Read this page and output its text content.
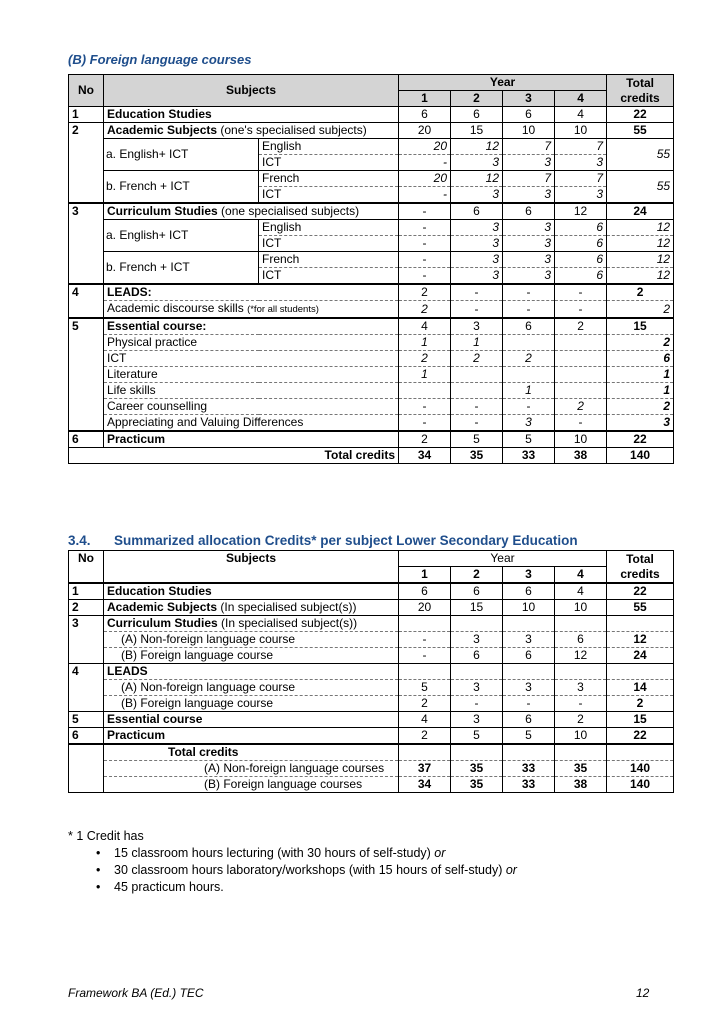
(B) Foreign language courses
No	Subjects		Year				Total credits
			1	2	3	4	
1	Education Studies		6	6	6	4	22
2	Academic Subjects (one's specialised subjects)		20	15	10	10	55
	a. English+ ICT	English	20	12	7	7	55
		ICT	-	3	3	3	
	b. French + ICT	French	20	12	7	7	55
		ICT	-	3	3	3	
3	Curriculum Studies (one specialised subjects)		-	6	6	12	24
	a. English+ ICT	English	-	3	3	6	12
		ICT	-	3	3	6	12
	b. French + ICT	French	-	3	3	6	12
		ICT	-	3	3	6	12
4	LEADS:		2	-	-	-	2
	Academic discourse skills (*for all students)		2	-	-	-	2
5	Essential course:		4	3	6	2	15
	Physical practice		1	1			2
	ICT		2	2	2		6
	Literature		1				1
	Life skills				1		1
	Career counselling		-	-	-	2	2
	Appreciating and Valuing Differences		-	-	3	-	3
6	Practicum		2	5	5	10	22
Total credits			34	35	33	38	140
3.4. Summarized allocation Credits* per subject Lower Secondary Education
No	Subjects	Year				Total credits
		1	2	3	4	
1	Education Studies	6	6	6	4	22
2	Academic Subjects (In specialised subject(s))	20	15	10	10	55
3	Curriculum Studies (In specialised subject(s))					
	(A) Non-foreign language course	-	3	3	6	12
	(B) Foreign language course	-	6	6	12	24
4	LEADS					
	(A) Non-foreign language course	5	3	3	3	14
	(B) Foreign language course	2	-	-	-	2
5	Essential course	4	3	6	2	15
6	Practicum	2	5	5	10	22
	Total credits					
	(A) Non-foreign language courses	37	35	33	35	140
	(B) Foreign language courses	34	35	33	38	140
* 1 Credit has
• 15 classroom hours lecturing (with 30 hours of self-study) or
• 30 classroom hours laboratory/workshops (with 15 hours of self-study) or
• 45 practicum hours.
Framework BA (Ed.) TEC	12
